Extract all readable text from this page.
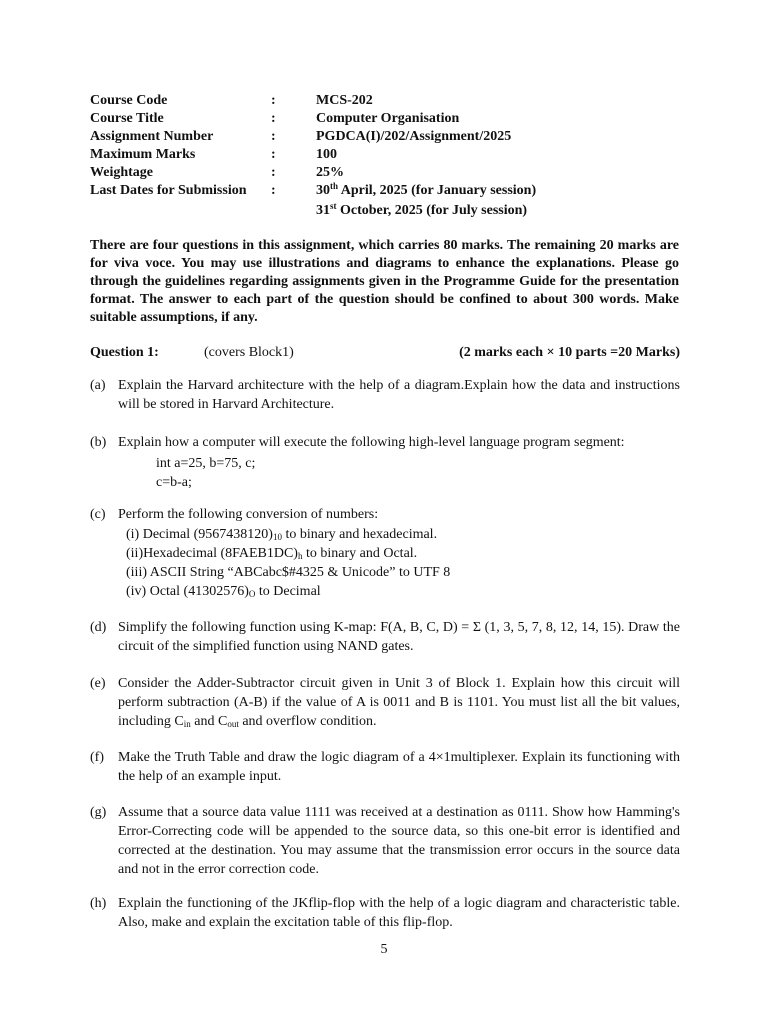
Course Code	:	MCS-202
Course Title	:	Computer Organisation
Assignment Number	:	PGDCA(I)/202/Assignment/2025
Maximum Marks	:	100
Weightage	:	25%
Last Dates for Submission :	30th April, 2025 (for January session)
31st October, 2025 (for July session)
There are four questions in this assignment, which carries 80 marks. The remaining 20 marks are for viva voce. You may use illustrations and diagrams to enhance the explanations. Please go through the guidelines regarding assignments given in the Programme Guide for the presentation format. The answer to each part of the question should be confined to about 300 words. Make suitable assumptions, if any.
Question 1:	(covers Block1)	(2 marks each × 10 parts =20 Marks)
(a) Explain the Harvard architecture with the help of a diagram.Explain how the data and instructions will be stored in Harvard Architecture.
(b) Explain how a computer will execute the following high-level language program segment:
int a=25, b=75, c;
c=b-a;
(c) Perform the following conversion of numbers:
(i) Decimal $(9567438120)_{10}$ to binary and hexadecimal.
(ii)Hexadecimal $(8FAEB1DC)_h$ to binary and Octal.
(iii) ASCII String “ABCabc$#4325 & Unicode” to UTF 8
(iv) Octal $(41302576)_O$ to Decimal
(d) Simplify the following function using K-map: F(A, B, C, D) = Σ (1, 3, 5, 7, 8, 12, 14, 15). Draw the circuit of the simplified function using NAND gates.
(e) Consider the Adder-Subtractor circuit given in Unit 3 of Block 1. Explain how this circuit will perform subtraction (A-B) if the value of A is 0011 and B is 1101. You must list all the bit values, including $C_{in}$ and $C_{out}$ and overflow condition.
(f) Make the Truth Table and draw the logic diagram of a 4×1multiplexer. Explain its functioning with the help of an example input.
(g) Assume that a source data value 1111 was received at a destination as 0111. Show how Hamming's Error-Correcting code will be appended to the source data, so this one-bit error is identified and corrected at the destination. You may assume that the transmission error occurs in the source data and not in the error correction code.
(h) Explain the functioning of the JKflip-flop with the help of a logic diagram and characteristic table. Also, make and explain the excitation table of this flip-flop.
5
